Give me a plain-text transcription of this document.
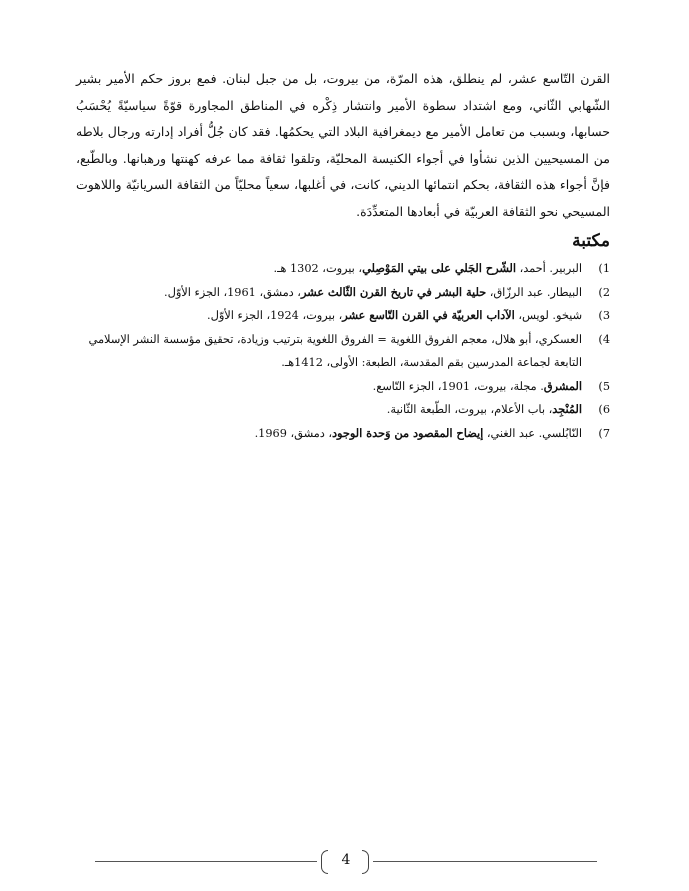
القرن التّاسع عشر، لم ينطلق، هذه المرّة، من بيروت، بل من جبل لبنان. فمع بروز حكم الأمير بشير الشّهابي الثّاني، ومع اشتداد سطوة الأمير وانتشار ذِكْره في المناطق المجاورة قوّةً سياسيّةً يُحْسَبُ حسابها، وبسبب من تعامل الأمير مع ديمغرافية البلاد التي يحكمُها. فقد كان جُلُّ أفراد إدارته ورجال بلاطه من المسيحيين الذين نشأوا في أجواء الكنيسة المحليّة، وتلقوا ثقافة مما عرفه كهنتها ورهبانها. وبالطّبع، فإنَّ أجواء هذه الثقافة، بحكم انتمائها الديني، كانت، في أغلبها، سعياً محليّاً من الثقافة السريانيّة واللاهوت المسيحي نحو الثقافة العربيّة في أبعادها المتعدِّدَة.

مكتبة
1)
البربير. أحمد، الشّرح الجَلي على بيتي المَوْصِلي، بيروت، 1302 هـ.
2)
البيطار. عبد الرزّاق، حلية البشر في تاريخ القرن الثّالث عشر، دمشق، 1961، الجزء الأوّل.
3)
شيخو. لويس، الآداب العربيّة في القرن التّاسع عشر، بيروت، 1924، الجزء الأوّل.
4)
العسكري، أبو هلال، معجم الفروق اللغوية = الفروق اللغوية بترتيب وزيادة، تحقيق مؤسسة النشر الإسلامي التابعة لجماعة المدرسين بقم المقدسة، الطبعة: الأولى، 1412هـ.
5)
المشرق. مجلة، بيروت، 1901، الجزء التّاسع.
6)
المُنْجِد، باب الأعلام، بيروت، الطّبعة الثّانية.
7)
النّابُلسي. عبد الغني، إيضاح المقصود من وَحدة الوجود، دمشق، 1969.
4
